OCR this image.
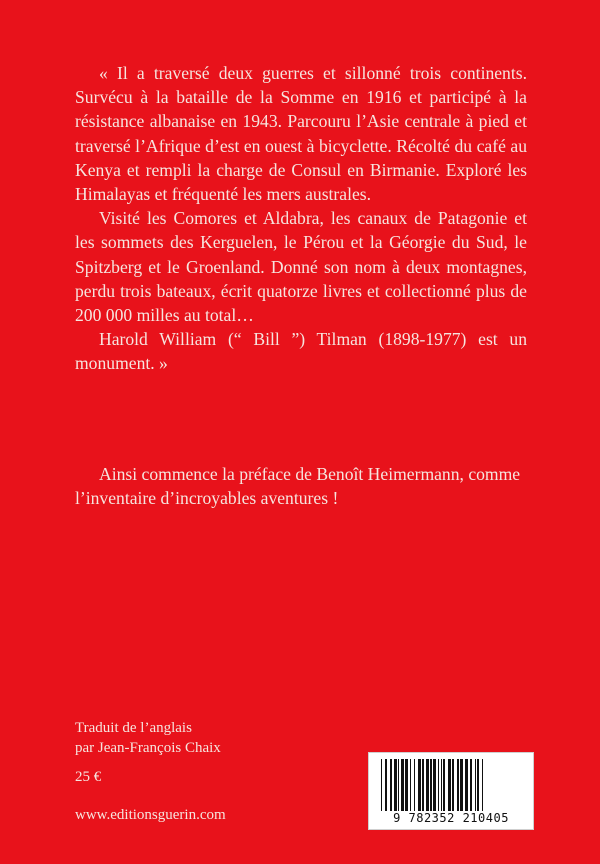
« Il a traversé deux guerres et sillonné trois continents. Survécu à la bataille de la Somme en 1916 et participé à la résistance albanaise en 1943. Parcouru l’Asie centrale à pied et traversé l’Afrique d’est en ouest à bicyclette. Récolté du café au Kenya et rempli la charge de Consul en Birmanie. Exploré les Himalayas et fréquenté les mers australes.

Visité les Comores et Aldabra, les canaux de Patagonie et les sommets des Kerguelen, le Pérou et la Géorgie du Sud, le Spitzberg et le Groenland. Donné son nom à deux montagnes, perdu trois bateaux, écrit quatorze livres et collectionné plus de 200 000 milles au total…

Harold William (“ Bill ”) Tilman (1898-1977) est un monument. »

Ainsi commence la préface de Benoît Heimermann, comme l’inventaire d’incroyables aventures !

Traduit de l’anglais
par Jean-François Chaix
25 €
www.editionsguerin.com	9 782352 210405
